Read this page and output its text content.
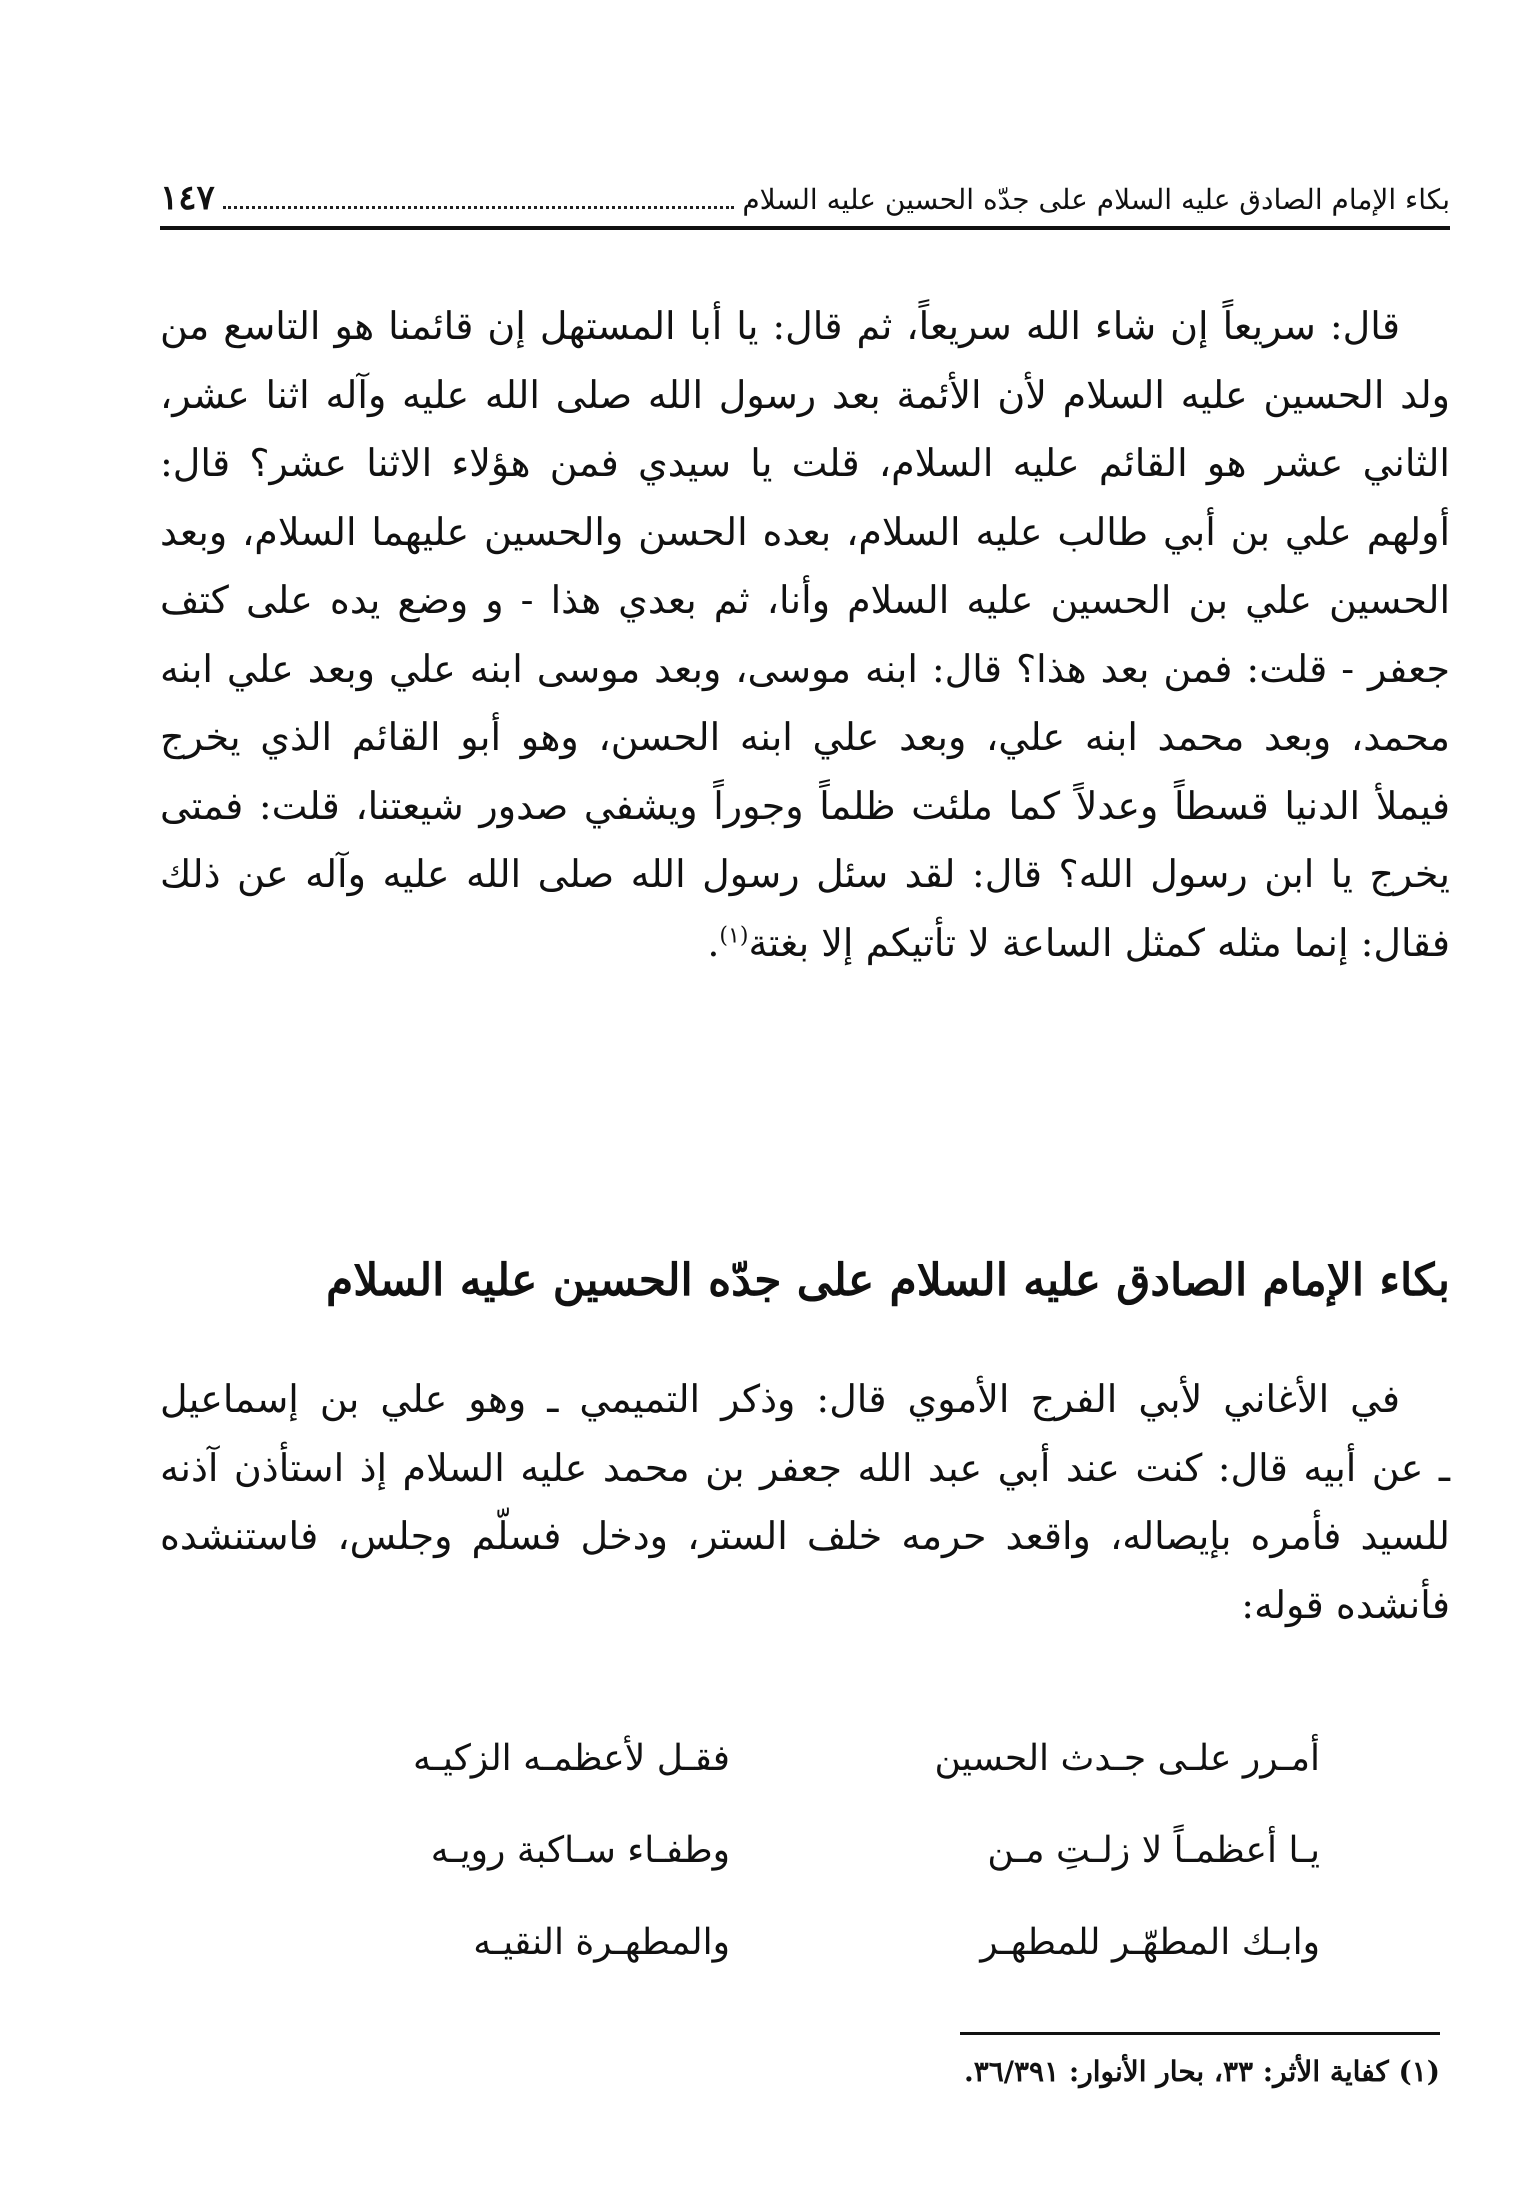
بكاء الإمام الصادق عليه السلام على جدّه الحسين عليه السلام
١٤٧
قال: سريعاً إن شاء الله سريعاً، ثم قال: يا أبا المستهل إن قائمنا هو التاسع من
ولد الحسين عليه السلام لأن الأئمة بعد رسول الله صلى الله عليه وآله اثنا عشر،
الثاني عشر هو القائم عليه السلام، قلت يا سيدي فمن هؤلاء الاثنا عشر؟ قال:
أولهم علي بن أبي طالب عليه السلام، بعده الحسن والحسين عليهما السلام، وبعد
الحسين علي بن الحسين عليه السلام وأنا، ثم بعدي هذا - و وضع يده على كتف
جعفر - قلت: فمن بعد هذا؟ قال: ابنه موسى، وبعد موسى ابنه علي وبعد علي ابنه
محمد، وبعد محمد ابنه علي، وبعد علي ابنه الحسن، وهو أبو القائم الذي يخرج
فيملأ الدنيا قسطاً وعدلاً كما ملئت ظلماً وجوراً ويشفي صدور شيعتنا، قلت: فمتى
يخرج يا ابن رسول الله؟ قال: لقد سئل رسول الله صلى الله عليه وآله عن ذلك
فقال: إنما مثله كمثل الساعة لا تأتيكم إلا بغتة$^{(١)}$.
بكاء الإمام الصادق عليه السلام على جدّه الحسين عليه السلام
في الأغاني لأبي الفرج الأموي قال: وذكر التميمي ـ وهو علي بن إسماعيل
ـ عن أبيه قال: كنت عند أبي عبد الله جعفر بن محمد عليه السلام إذ استأذن آذنه
للسيد فأمره بإيصاله، واقعد حرمه خلف الستر، ودخل فسلّم وجلس، فاستنشده
فأنشده قوله:
أمـرر علـى جـدث الحسين
فقـل لأعظمـه الزكيـه
يـا أعظمـاً لا زلـتِ مـن
وطفـاء سـاكبة رويـه
وابـك المطهّـر للمطهـر
والمطهـرة النقيـه
(١) كفاية الأثر: ٣٣، بحار الأنوار: ٣٦/٣٩١.
